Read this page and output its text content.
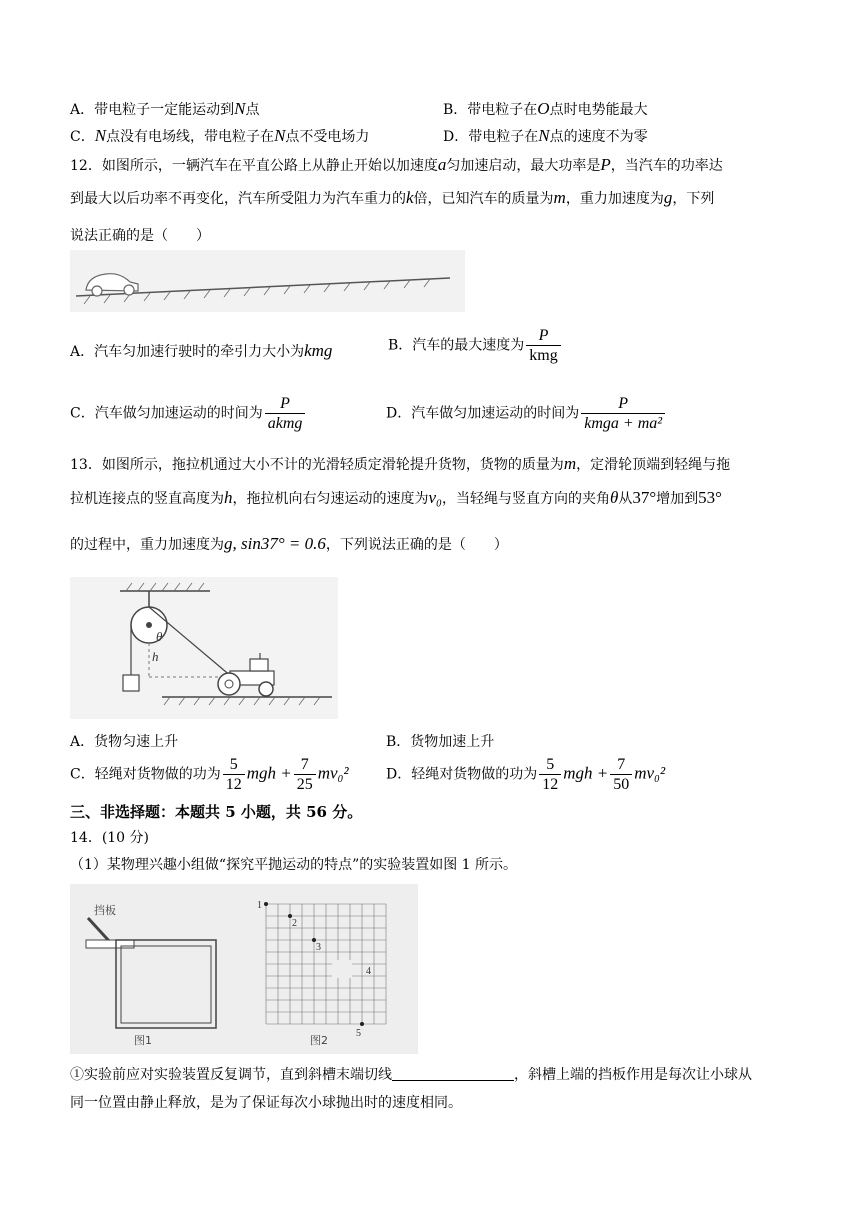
A．带电粒子一定能运动到N点	B．带电粒子在O点时电势能最大
C．N点没有电场线，带电粒子在N点不受电场力	D．带电粒子在N点的速度不为零
12．如图所示，一辆汽车在平直公路上从静止开始以加速度a匀加速启动，最大功率是P，当汽车的功率达
到最大以后功率不再变化，汽车所受阻力为汽车重力的k倍，已知汽车的质量为m，重力加速度为g，下列
说法正确的是（　　）
A．汽车匀加速行驶时的牵引力大小为kmg	B．汽车的最大速度为 $\frac{P}{\text{kmg}}$
C．汽车做匀加速运动的时间为 $\frac{P}{\text{akmg}}$	D．汽车做匀加速运动的时间为 $\frac{P}{\text{kmga + ma²}}$
13．如图所示，拖拉机通过大小不计的光滑轻质定滑轮提升货物，货物的质量为m，定滑轮顶端到轻绳与拖
拉机连接点的竖直高度为h，拖拉机向右匀速运动的速度为v₀，当轻绳与竖直方向的夹角θ从37°增加到53°
的过程中，重力加速度为g, sin37° = 0.6，下列说法正确的是（　　）
θ
h
A．货物匀速上升	B．货物加速上升
C．轻绳对货物做的功为 $\frac{5}{12}$ mgh + $\frac{7}{25} mv_0^2$	D．轻绳对货物做的功为 $\frac{5}{12}$ mgh + $\frac{7}{50} mv_0^2$
三、非选择题：本题共 5 小题，共 56 分。
14．(10 分)
（1）某物理兴趣小组做“探究平抛运动的特点”的实验装置如图 1 所示。
挡板
图1
1
2
3
4
5
图2
①实验前应对实验装置反复调节，直到斜槽末端切线	，斜槽上端的挡板作用是每次让小球从
同一位置由静止释放，是为了保证每次小球抛出时的速度相同。
